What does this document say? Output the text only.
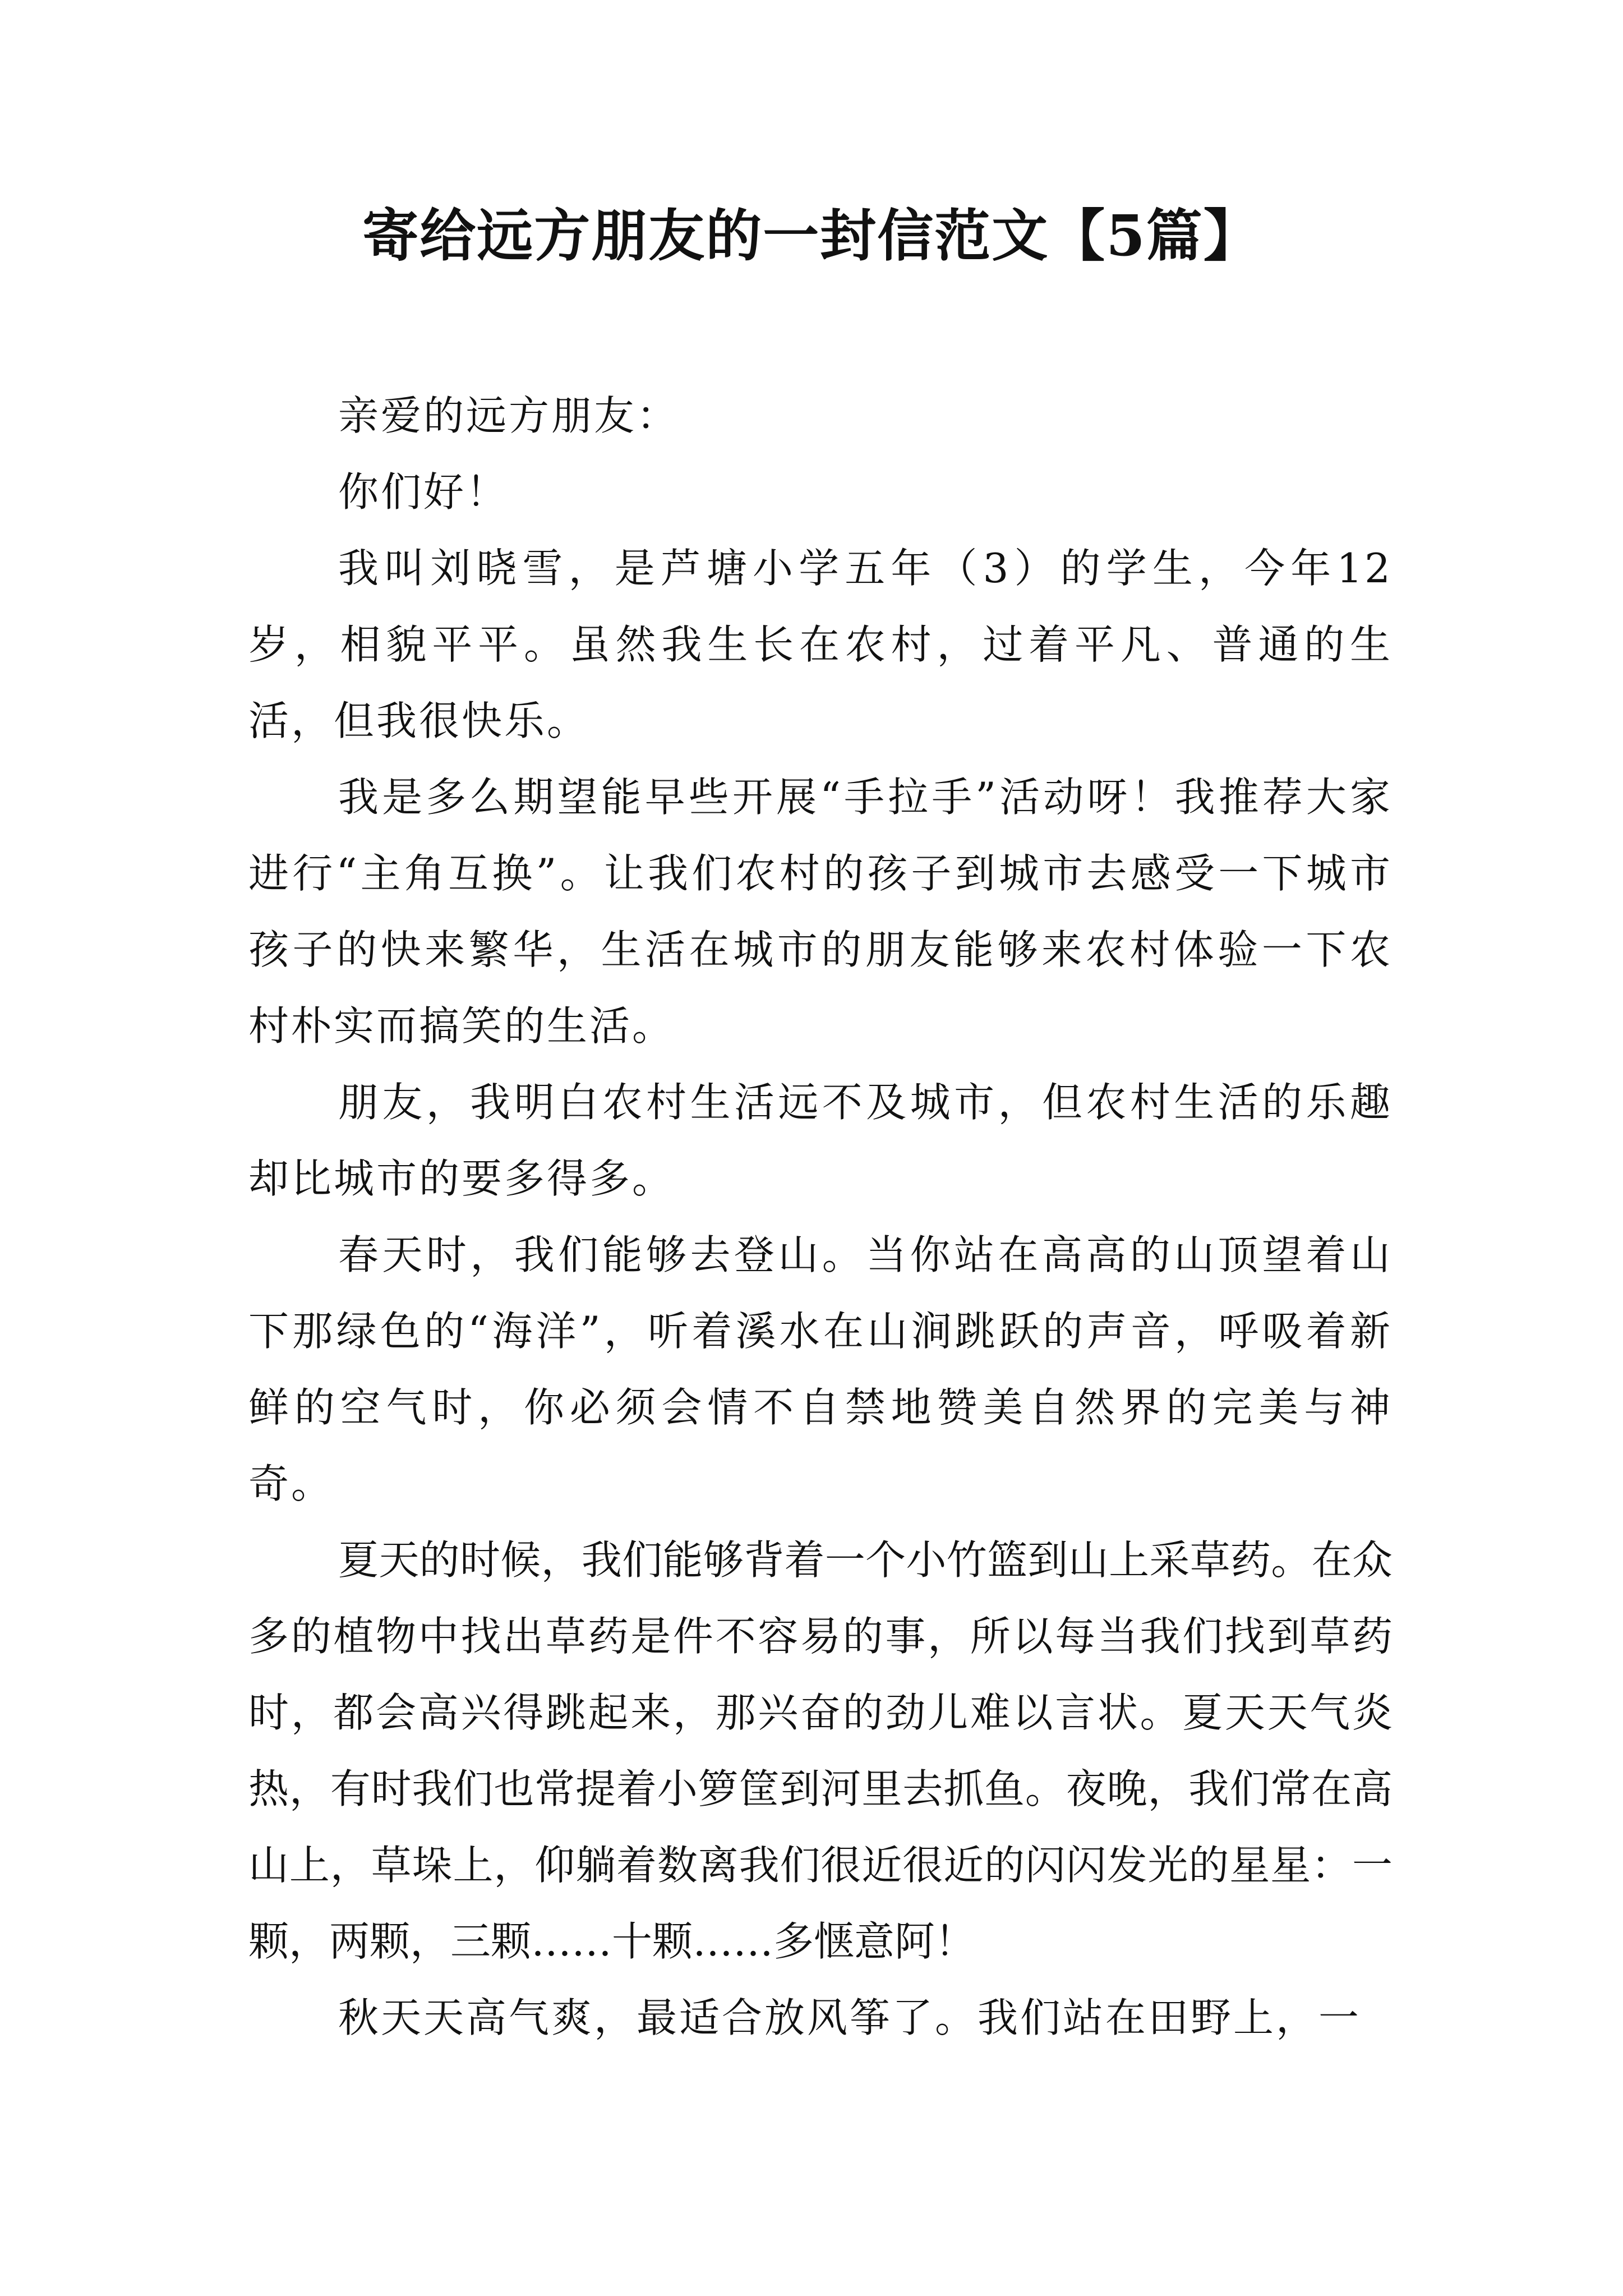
寄给远方朋友的一封信范文【5篇】

亲爱的远方朋友：

你们好！

我叫刘晓雪，是芦塘小学五年（3）的学生，今年12岁，相貌平平。虽然我生长在农村，过着平凡、普通的生活，但我很快乐。

我是多么期望能早些开展“手拉手”活动呀！我推荐大家进行“主角互换”。让我们农村的孩子到城市去感受一下城市孩子的快来繁华，生活在城市的朋友能够来农村体验一下农村朴实而搞笑的生活。

朋友，我明白农村生活远不及城市，但农村生活的乐趣却比城市的要多得多。

春天时，我们能够去登山。当你站在高高的山顶望着山下那绿色的“海洋”，听着溪水在山涧跳跃的声音，呼吸着新鲜的空气时，你必须会情不自禁地赞美自然界的完美与神奇。

夏天的时候，我们能够背着一个小竹篮到山上采草药。在众多的植物中找出草药是件不容易的事，所以每当我们找到草药时，都会高兴得跳起来，那兴奋的劲儿难以言状。夏天天气炎热，有时我们也常提着小箩筐到河里去抓鱼。夜晚，我们常在高山上，草垛上，仰躺着数离我们很近很近的闪闪发光的星星：一颗，两颗，三颗……十颗……多惬意阿！

秋天天高气爽，最适合放风筝了。我们站在田野上，一
